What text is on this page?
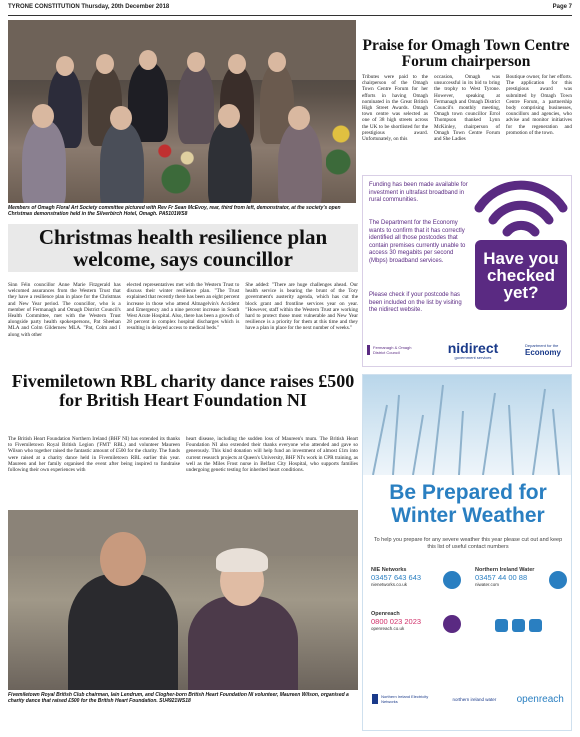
TYRONE CONSTITUTION Thursday, 20th December 2018	Page 7
Members of Omagh Floral Art Society committee pictured with Rev Fr Sean McEvoy, rear, third from left, demonstrator, at the society's open Christmas demonstration held in the Silverbirch Hotel, Omagh. PA5101WS8
Praise for Omagh Town Centre Forum chairperson
Tributes were paid to the chairperson of the Omagh Town Centre Forum for her efforts in having Omagh nominated in the Great British High Street Awards. Omagh town centre was selected as one of 38 high streets across the UK to be shortlisted for the prestigious award. Unfortunately, on this
occasion, Omagh was unsuccessful in its bid to bring the trophy to West Tyrone. However, speaking at Fermanagh and Omagh District Council's monthly meeting, Omagh town councillor Errol Thompson thanked Lynn McKinley, chairperson of Omagh Town Centre Forum and She Ladies
Boutique owner, for her efforts. The application for this prestigious award was submitted by Omagh Town Centre Forum, a partnership body comprising businesses, councillors and agencies, who advise and monitor initiatives for the regeneration and promotion of the town.
Funding has been made available for investment in ultrafast broadband in rural communities.
The Department for the Economy wants to confirm that it has correctly identified all those postcodes that contain premises currently unable to access 30 megabits per second (Mbps) broadband services.
Please check if your postcode has been included on the list by visiting the nidirect website.
Have you checked yet?
Fermanagh & Omagh District Council	nidirect
government services
Department for the
Economy
Christmas health resilience plan welcome, says councillor
Sinn Féin councillor Anne Marie Fitzgerald has welcomed assurances from the Western Trust that they have a resilience plan in place for the Christmas and New Year period. The councillor, who is a member of Fermanagh and Omagh District Council's Health Committee, met with the Western Trust alongside party health spokespersons, Pat Sheehan MLA and Colm Gildernew MLA. "Pat, Colm and I along with other
elected representatives met with the Western Trust to discuss their winter resilience plan. "The Trust explained that recently there has been an eight percent increase in those who attend Altnagelvin's Accident and Emergency and a nine percent increase in South West Acute Hospital. Also, there has been a growth of 28 percent in complex hospital discharges which is resulting in delayed access to medical beds."
She added: "There are huge challenges ahead. Our health service is bearing the brunt of the Tory government's austerity agenda, which has cut the block grant and frontline services year on year. "However, staff within the Western Trust are working hard to protect those most vulnerable and New Year resilience is a priority for them at this time and they have a plan in place for the next number of weeks."
Fivemiletown RBL charity dance raises £500 for British Heart Foundation NI
The British Heart Foundation Northern Ireland (BHF NI) has extended its thanks to Fivemiletown Royal British Legion ('FMT' RBL) and volunteer Maureen Wilson who together raised the fantastic amount of £500 for the charity. The funds were raised at a charity dance held in Fivemiletown RBL earlier this year. Maureen and her family organised the event after being inspired to fundraise following their own experiences with
heart disease, including the sudden loss of Maureen's mum. The British Heart Foundation NI also extended their thanks everyone who attended and gave so generously. This kind donation will help fund an investment of almost £1m into current research projects at Queen's University, BHF NI's work in CPR training, as well as the Miles Frost nurse in Belfast City Hospital, who supports families undergoing genetic testing for inherited heart conditions.
Fivemiletown Royal British Club chairman, Iain Lendrum, and Clogher-born British Heart Foundation NI volunteer, Maureen Wilson, organised a charity dance that raised £500 for the British Heart Foundation. SU4921WS18
Be Prepared for Winter Weather
To help you prepare for any severe weather this year please cut out and keep this list of useful contact numbers
NIE Networks
03457 643 643
nienetworks.co.uk
Northern Ireland Water
03457 44 00 88
niwater.com
Openreach
0800 023 2023
openreach.co.uk
Northern Ireland Electricity Networks	northern ireland water openreach
